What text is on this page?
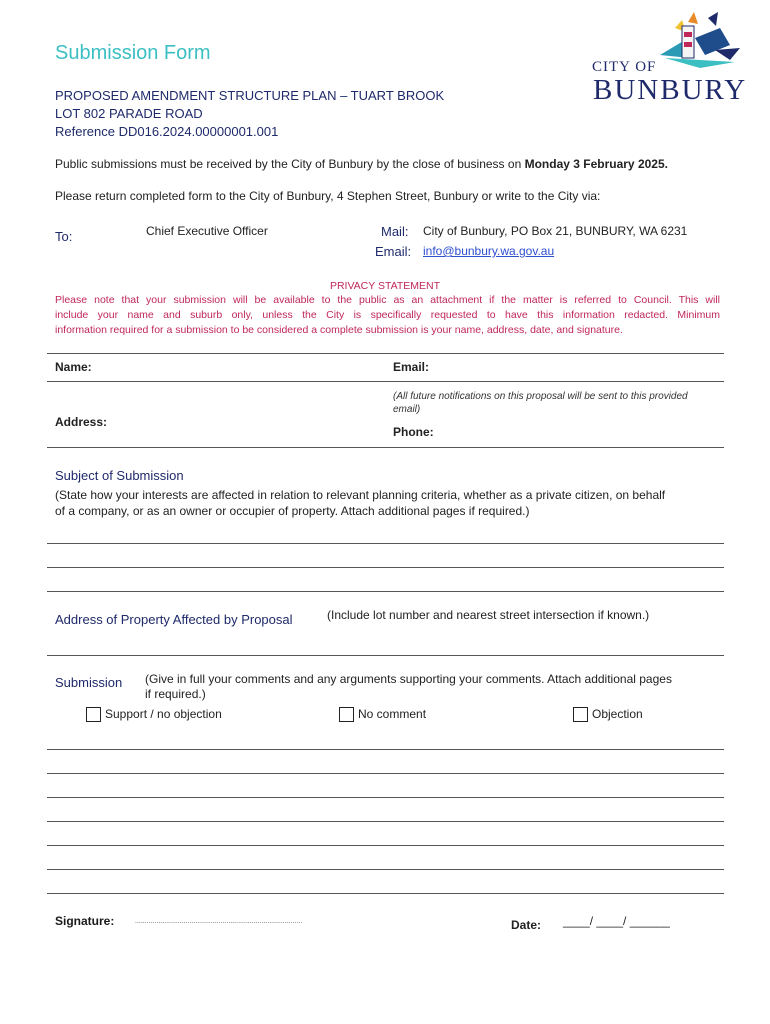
Submission Form
CITY OF
BUNBURY
PROPOSED AMENDMENT STRUCTURE PLAN – TUART BROOK
LOT 802 PARADE ROAD
Reference DD016.2024.00000001.001
Public submissions must be received by the City of Bunbury by the close of business on Monday 3 February 2025.
Please return completed form to the City of Bunbury, 4 Stephen Street, Bunbury or write to the City via:
To:	Chief Executive Officer	Mail: City of Bunbury, PO Box 21, BUNBURY, WA 6231
Email: info@bunbury.wa.gov.au
PRIVACY STATEMENT
Please note that your submission will be available to the public as an attachment if the matter is referred to Council. This will
include your name and suburb only, unless the City is specifically requested to have this information redacted. Minimum
information required for a submission to be considered a complete submission is your name, address, date, and signature.
Name:	Email:
(All future notifications on this proposal will be sent to this provided
email)
Address:
Phone:
Subject of Submission
(State how your interests are affected in relation to relevant planning criteria, whether as a private citizen, on behalf
of a company, or as an owner or occupier of property. Attach additional pages if required.)
Address of Property Affected by Proposal	(Include lot number and nearest street intersection if known.)
Submission (Give in full your comments and any arguments supporting your comments. Attach additional pages
if required.)
Support / no objection	No comment	Objection
Signature:	......................................................................................	Date: ____/ ____/ ______
